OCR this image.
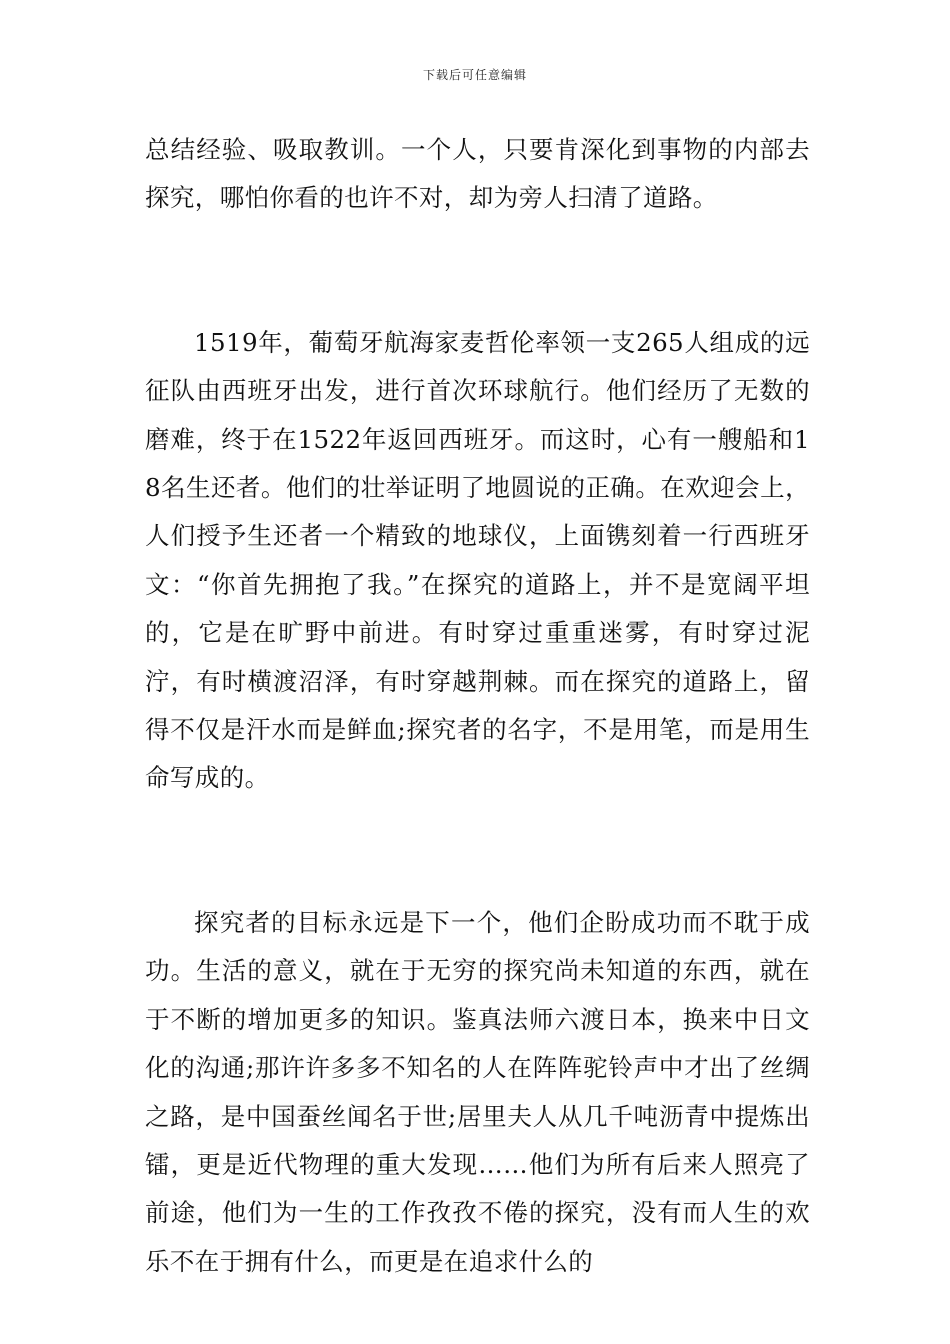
下载后可任意编辑

总结经验、吸取教训。一个人，只要肯深化到事物的内部去探究，哪怕你看的也许不对，却为旁人扫清了道路。

1519年，葡萄牙航海家麦哲伦率领一支265人组成的远征队由西班牙出发，进行首次环球航行。他们经历了无数的磨难，终于在1522年返回西班牙。而这时，心有一艘船和18名生还者。他们的壮举证明了地圆说的正确。在欢迎会上，人们授予生还者一个精致的地球仪，上面镌刻着一行西班牙文：“你首先拥抱了我。”在探究的道路上，并不是宽阔平坦的，它是在旷野中前进。有时穿过重重迷雾，有时穿过泥泞，有时横渡沼泽，有时穿越荆棘。而在探究的道路上，留得不仅是汗水而是鲜血;探究者的名字，不是用笔，而是用生命写成的。

探究者的目标永远是下一个，他们企盼成功而不耽于成功。生活的意义，就在于无穷的探究尚未知道的东西，就在于不断的增加更多的知识。鉴真法师六渡日本，换来中日文化的沟通;那许许多多不知名的人在阵阵驼铃声中才出了丝绸之路，是中国蚕丝闻名于世;居里夫人从几千吨沥青中提炼出镭，更是近代物理的重大发现……他们为所有后来人照亮了前途，他们为一生的工作孜孜不倦的探究，没有而人生的欢乐不在于拥有什么，而更是在追求什么的
